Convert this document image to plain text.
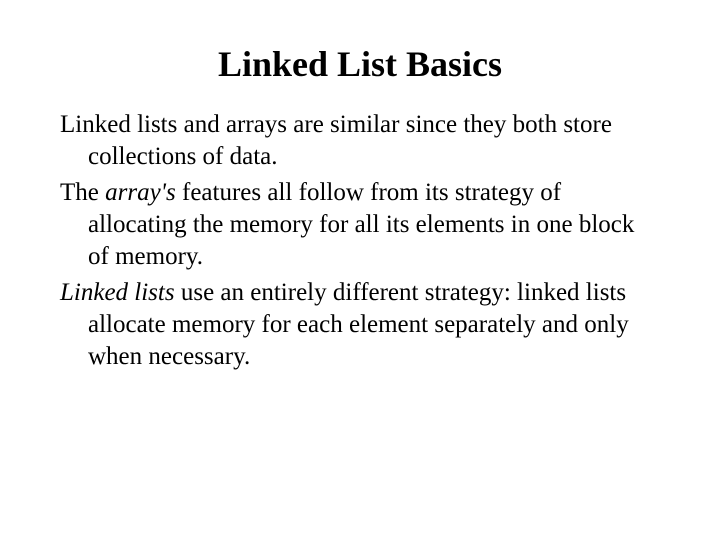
Linked List Basics
Linked lists and arrays are similar since they both store collections of data.
The array's features all follow from its strategy of allocating the memory for all its elements in one block of memory.
Linked lists use an entirely different strategy: linked lists allocate memory for each element separately and only when necessary.
